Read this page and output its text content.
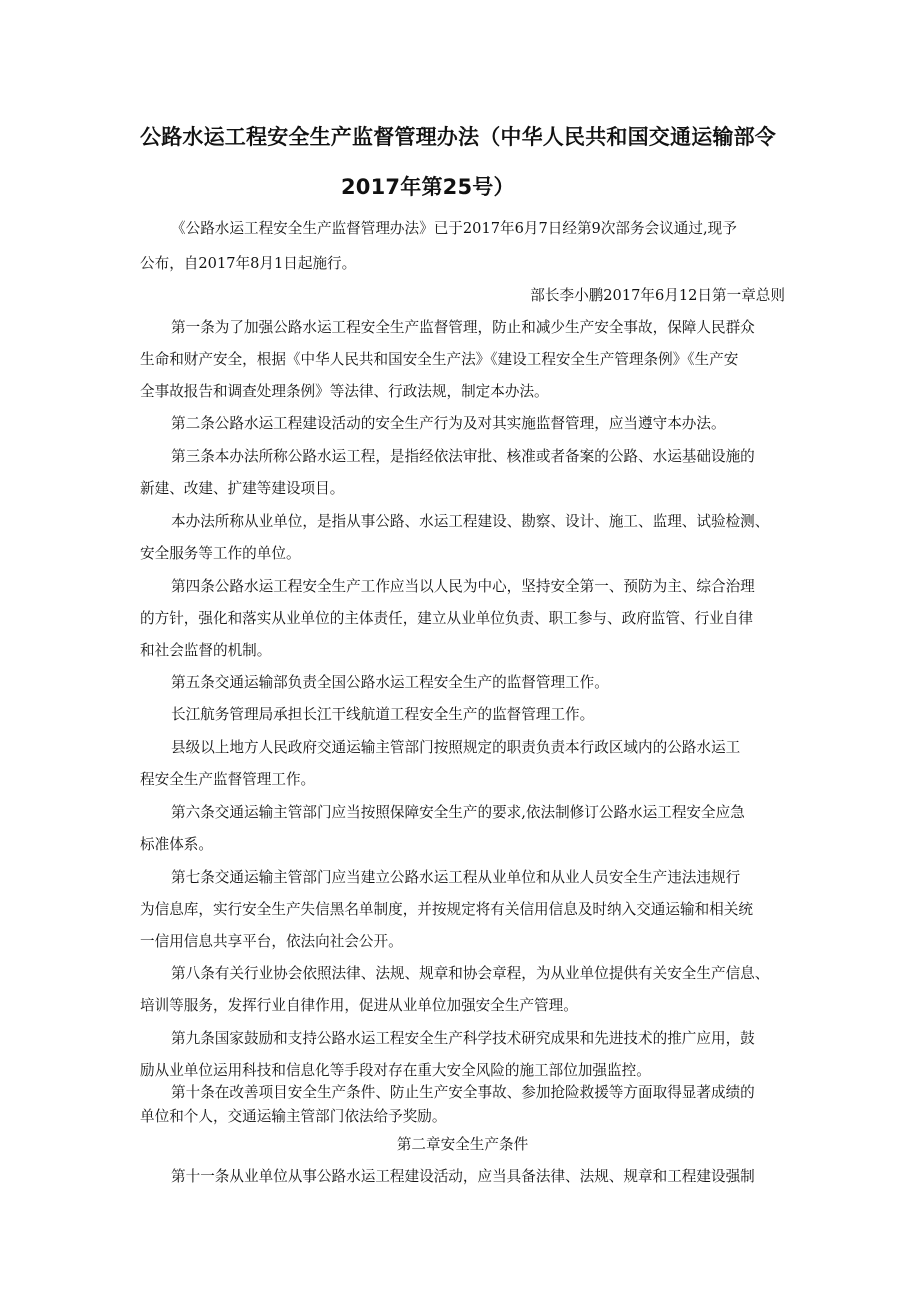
公路水运工程安全生产监督管理办法（中华人民共和国交通运输部令
2017年第25号）
《公路水运工程安全生产监督管理办法》已于2017年6月7日经第9次部务会议通过,现予
公布，自2017年8月1日起施行。
部长李小鹏2017年6月12日第一章总则
第一条为了加强公路水运工程安全生产监督管理，防止和减少生产安全事故，保障人民群众
生命和财产安全，根据《中华人民共和国安全生产法》《建设工程安全生产管理条例》《生产安
全事故报告和调查处理条例》等法律、行政法规，制定本办法。
第二条公路水运工程建设活动的安全生产行为及对其实施监督管理，应当遵守本办法。
第三条本办法所称公路水运工程，是指经依法审批、核准或者备案的公路、水运基础设施的
新建、改建、扩建等建设项目。
本办法所称从业单位，是指从事公路、水运工程建设、勘察、设计、施工、监理、试验检测、
安全服务等工作的单位。
第四条公路水运工程安全生产工作应当以人民为中心，坚持安全第一、预防为主、综合治理
的方针，强化和落实从业单位的主体责任，建立从业单位负责、职工参与、政府监管、行业自律
和社会监督的机制。
第五条交通运输部负责全国公路水运工程安全生产的监督管理工作。
长江航务管理局承担长江干线航道工程安全生产的监督管理工作。
县级以上地方人民政府交通运输主管部门按照规定的职责负责本行政区域内的公路水运工
程安全生产监督管理工作。
第六条交通运输主管部门应当按照保障安全生产的要求,依法制修订公路水运工程安全应急
标准体系。
第七条交通运输主管部门应当建立公路水运工程从业单位和从业人员安全生产违法违规行
为信息库，实行安全生产失信黑名单制度，并按规定将有关信用信息及时纳入交通运输和相关统
一信用信息共享平台，依法向社会公开。
第八条有关行业协会依照法律、法规、规章和协会章程，为从业单位提供有关安全生产信息、
培训等服务，发挥行业自律作用，促进从业单位加强安全生产管理。
第九条国家鼓励和支持公路水运工程安全生产科学技术研究成果和先进技术的推广应用，鼓
励从业单位运用科技和信息化等手段对存在重大安全风险的施工部位加强监控。
第十条在改善项目安全生产条件、防止生产安全事故、参加抢险救援等方面取得显著成绩的
单位和个人，交通运输主管部门依法给予奖励。
第二章安全生产条件
第十一条从业单位从事公路水运工程建设活动，应当具备法律、法规、规章和工程建设强制
